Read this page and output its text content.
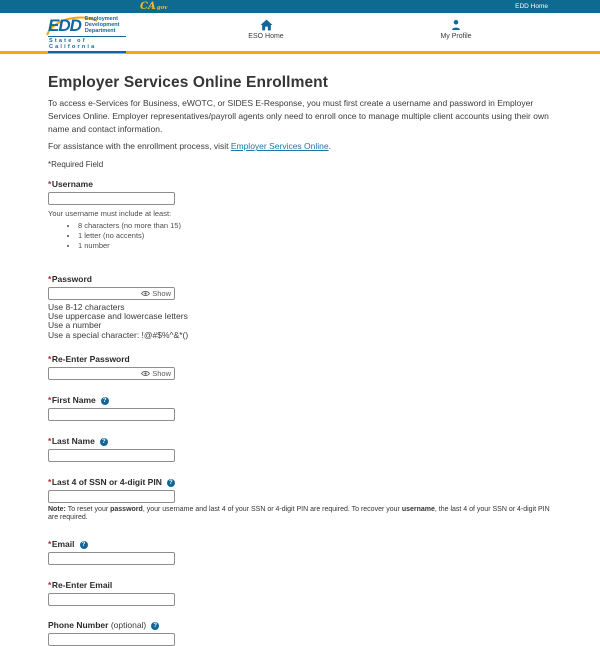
CAgov	EDD Home
EDD Employment
Development
Department
State of California
ESO Home	My Profile
Employer Services Online Enrollment

To access e-Services for Business, eWOTC, or SIDES E-Response, you must first create a username and password in Employer Services Online. Employer representatives/payroll agents only need to enroll once to manage multiple client accounts using their own name and contact information.

For assistance with the enrollment process, visit Employer Services Online.

*Required Field

*Username
Your username must include at least:
• 8 characters (no more than 15)
• 1 letter (no accents)
• 1 number
*Password
Show
Use 8-12 characters
Use uppercase and lowercase letters
Use a number
Use a special character: !@#$%^&*()
*Re-Enter Password
Show
*First Name ?
*Last Name ?
*Last 4 of SSN or 4-digit PIN ?

Note: To reset your password, your username and last 4 of your SSN or 4-digit PIN are required. To recover your username, the last 4 of your SSN or 4-digit PIN are required.

*Email ?
*Re-Enter Email
Phone Number (optional) ?
